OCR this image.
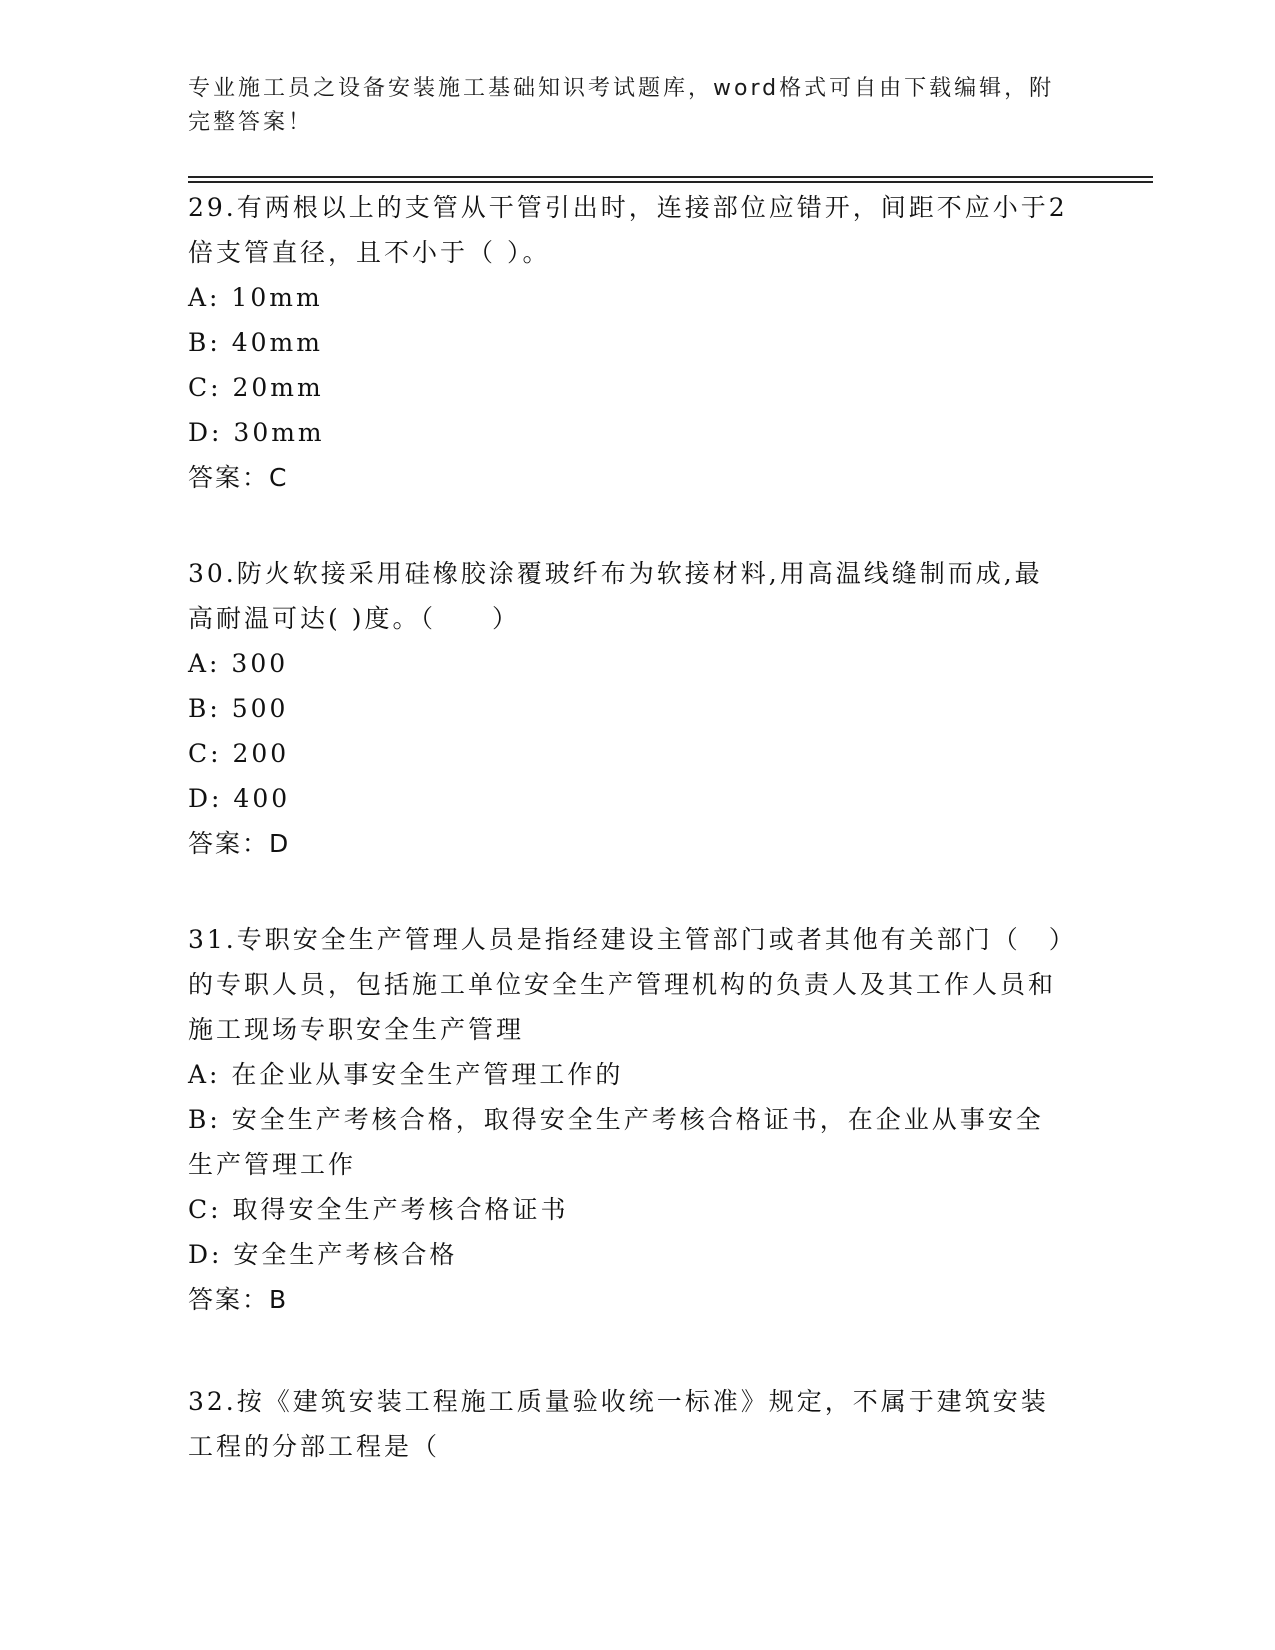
专业施工员之设备安装施工基础知识考试题库，word格式可自由下载编辑，附完整答案！
29.有两根以上的支管从干管引出时，连接部位应错开，间距不应小于2倍支管直径，且不小于（ ）。
A: 10mm
B: 40mm
C: 20mm
D: 30mm
答案：C
30.防火软接采用硅橡胶涂覆玻纤布为软接材料,用高温线缝制而成,最高耐温可达( )度。（　　）
A: 300
B: 500
C: 200
D: 400
答案：D
31.专职安全生产管理人员是指经建设主管部门或者其他有关部门（　）的专职人员，包括施工单位安全生产管理机构的负责人及其工作人员和施工现场专职安全生产管理
A: 在企业从事安全生产管理工作的
B: 安全生产考核合格，取得安全生产考核合格证书，在企业从事安全生产管理工作
C: 取得安全生产考核合格证书
D: 安全生产考核合格
答案：B
32.按《建筑安装工程施工质量验收统一标准》规定，不属于建筑安装工程的分部工程是（
